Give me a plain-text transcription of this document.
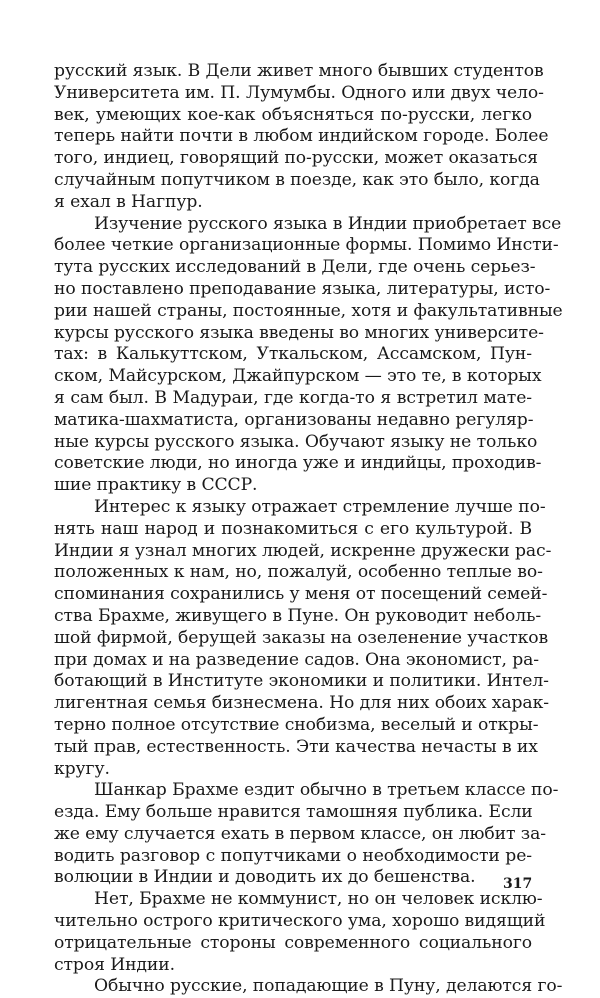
русский язык. В Дели живет много бывших студентов
Университета им. П. Лумумбы. Одного или двух чело-
век, умеющих кое-как объясняться по-русски, легко
теперь найти почти в любом индийском городе. Более
того, индиец, говорящий по-русски, может оказаться
случайным попутчиком в поезде, как это было, когда
я ехал в Нагпур.
Изучение русского языка в Индии приобретает все
более четкие организационные формы. Помимо Инсти-
тута русских исследований в Дели, где очень серьез-
но поставлено преподавание языка, литературы, исто-
рии нашей страны, постоянные, хотя и факультативные
курсы русского языка введены во многих университе-
тах: в Калькуттском, Уткальском, Ассамском, Пун-
ском, Майсурском, Джайпурском — это те, в которых
я сам был. В Мадураи, где когда-то я встретил мате-
матика-шахматиста, организованы недавно регуляр-
ные курсы русского языка. Обучают языку не только
советские люди, но иногда уже и индийцы, проходив-
шие практику в СССР.
Интерес к языку отражает стремление лучше по-
нять наш народ и познакомиться с его культурой. В
Индии я узнал многих людей, искренне дружески рас-
положенных к нам, но, пожалуй, особенно теплые во-
споминания сохранились у меня от посещений семей-
ства Брахме, живущего в Пуне. Он руководит неболь-
шой фирмой, берущей заказы на озеленение участков
при домах и на разведение садов. Она экономист, ра-
ботающий в Институте экономики и политики. Интел-
лигентная семья бизнесмена. Но для них обоих харак-
терно полное отсутствие снобизма, веселый и откры-
тый прав, естественность. Эти качества нечасты в их
кругу.
Шанкар Брахме ездит обычно в третьем классе по-
езда. Ему больше нравится тамошняя публика. Если
же ему случается ехать в первом классе, он любит за-
водить разговор с попутчиками о необходимости ре-
волюции в Индии и доводить их до бешенства.
Нет, Брахме не коммунист, но он человек исклю-
чительно острого критического ума, хорошо видящий
отрицательные стороны современного социального
строя Индии.
Обычно русские, попадающие в Пуну, делаются го-
317
